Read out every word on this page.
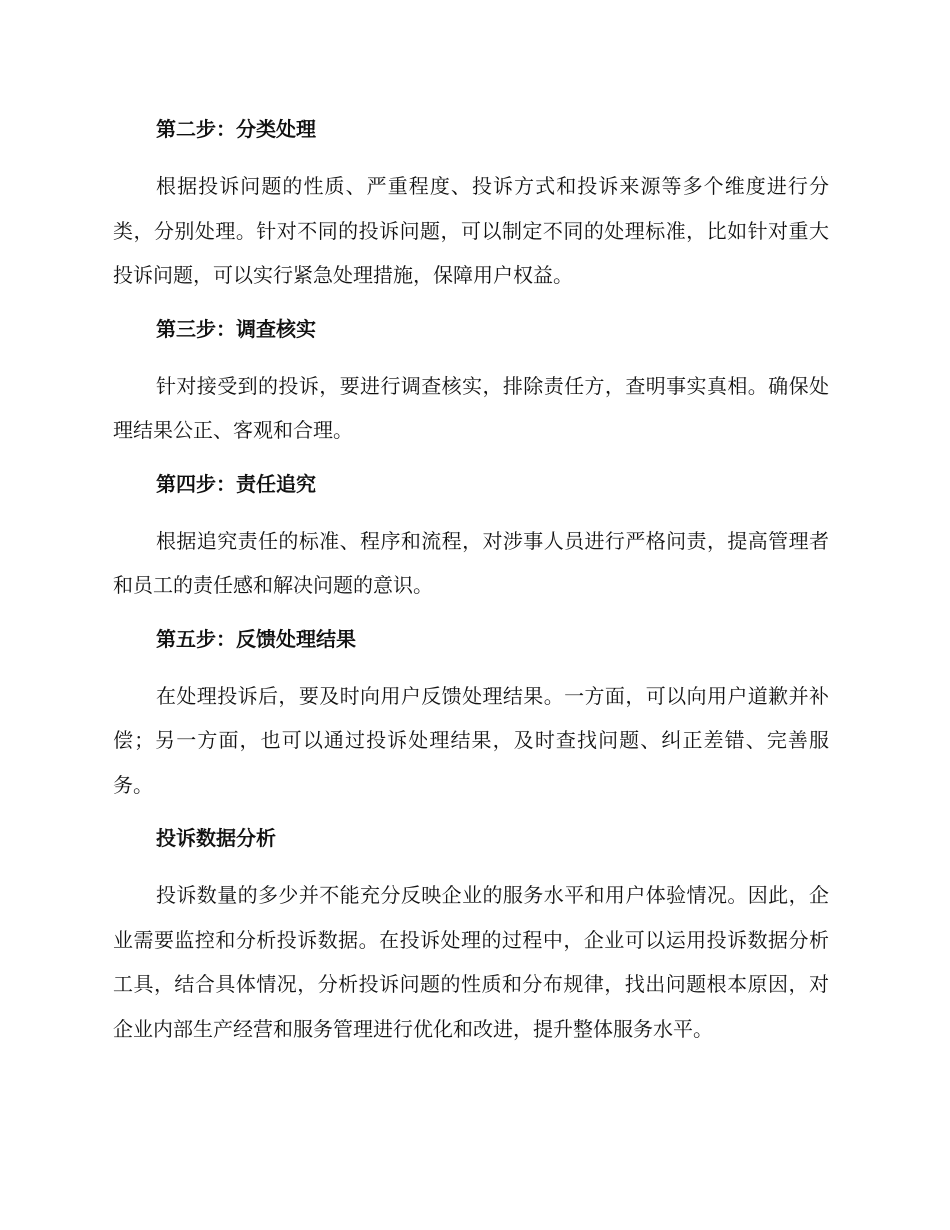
第二步：分类处理

根据投诉问题的性质、严重程度、投诉方式和投诉来源等多个维度进行分类，分别处理。针对不同的投诉问题，可以制定不同的处理标准，比如针对重大投诉问题，可以实行紧急处理措施，保障用户权益。

第三步：调查核实

针对接受到的投诉，要进行调查核实，排除责任方，查明事实真相。确保处理结果公正、客观和合理。

第四步：责任追究

根据追究责任的标准、程序和流程，对涉事人员进行严格问责，提高管理者和员工的责任感和解决问题的意识。

第五步：反馈处理结果

在处理投诉后，要及时向用户反馈处理结果。一方面，可以向用户道歉并补偿；另一方面，也可以通过投诉处理结果，及时查找问题、纠正差错、完善服务。

投诉数据分析

投诉数量的多少并不能充分反映企业的服务水平和用户体验情况。因此，企业需要监控和分析投诉数据。在投诉处理的过程中，企业可以运用投诉数据分析工具，结合具体情况，分析投诉问题的性质和分布规律，找出问题根本原因，对企业内部生产经营和服务管理进行优化和改进，提升整体服务水平。
